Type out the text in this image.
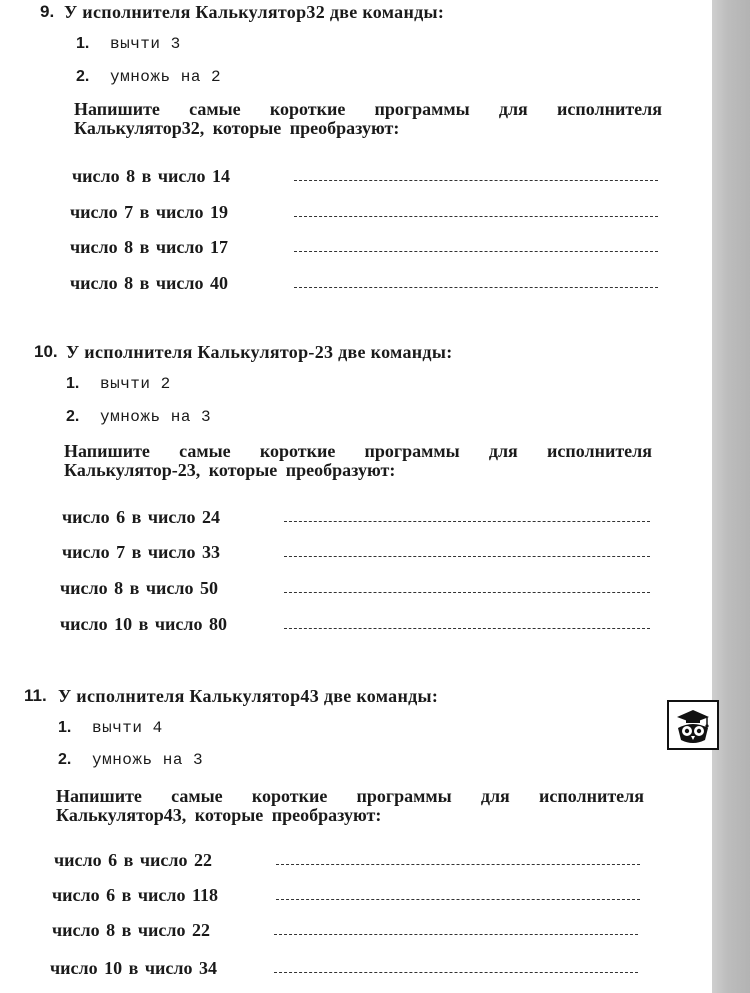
9. У исполнителя Калькулятор32 две команды:
1. вычти 3
2. умножь на 2
Напишите самые короткие программы для исполнителя Калькулятор32, которые преобразуют:
число 8 в число 14
число 7 в число 19
число 8 в число 17
число 8 в число 40
10. У исполнителя Калькулятор-23 две команды:
1. вычти 2
2. умножь на 3
Напишите самые короткие программы для исполнителя Калькулятор-23, которые преобразуют:
число 6 в число 24
число 7 в число 33
число 8 в число 50
число 10 в число 80
11. У исполнителя Калькулятор43 две команды:
1. вычти 4
2. умножь на 3
Напишите самые короткие программы для исполнителя Калькулятор43, которые преобразуют:
число 6 в число 22
число 6 в число 118
число 8 в число 22
число 10 в число 34
